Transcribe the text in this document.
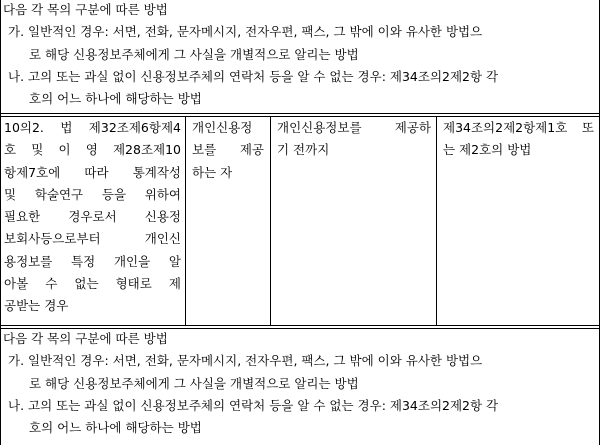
다음 각 목의 구분에 따른 방법
가. 일반적인 경우: 서면, 전화, 문자메시지, 전자우편, 팩스, 그 밖에 이와 유사한 방법으
로 해당 신용정보주체에게 그 사실을 개별적으로 알리는 방법
나. 고의 또는 과실 없이 신용정보주체의 연락처 등을 알 수 없는 경우: 제34조의2제2항 각
호의 어느 하나에 해당하는 방법
10의2. 법 제32조제6항제4
호 및 이 영 제28조제10
항제7호에 따라 통계작성
및 학술연구 등을 위하여
필요한 경우로서 신용정
보회사등으로부터 개인신
용정보를 특정 개인을 알
아볼 수 없는 형태로 제
공받는 경우
개인신용정
보를 제공
하는 자
개인신용정보를 제공하
기 전까지
제34조의2제2항제1호 또
는 제2호의 방법
다음 각 목의 구분에 따른 방법
가. 일반적인 경우: 서면, 전화, 문자메시지, 전자우편, 팩스, 그 밖에 이와 유사한 방법으
로 해당 신용정보주체에게 그 사실을 개별적으로 알리는 방법
나. 고의 또는 과실 없이 신용정보주체의 연락처 등을 알 수 없는 경우: 제34조의2제2항 각
호의 어느 하나에 해당하는 방법
